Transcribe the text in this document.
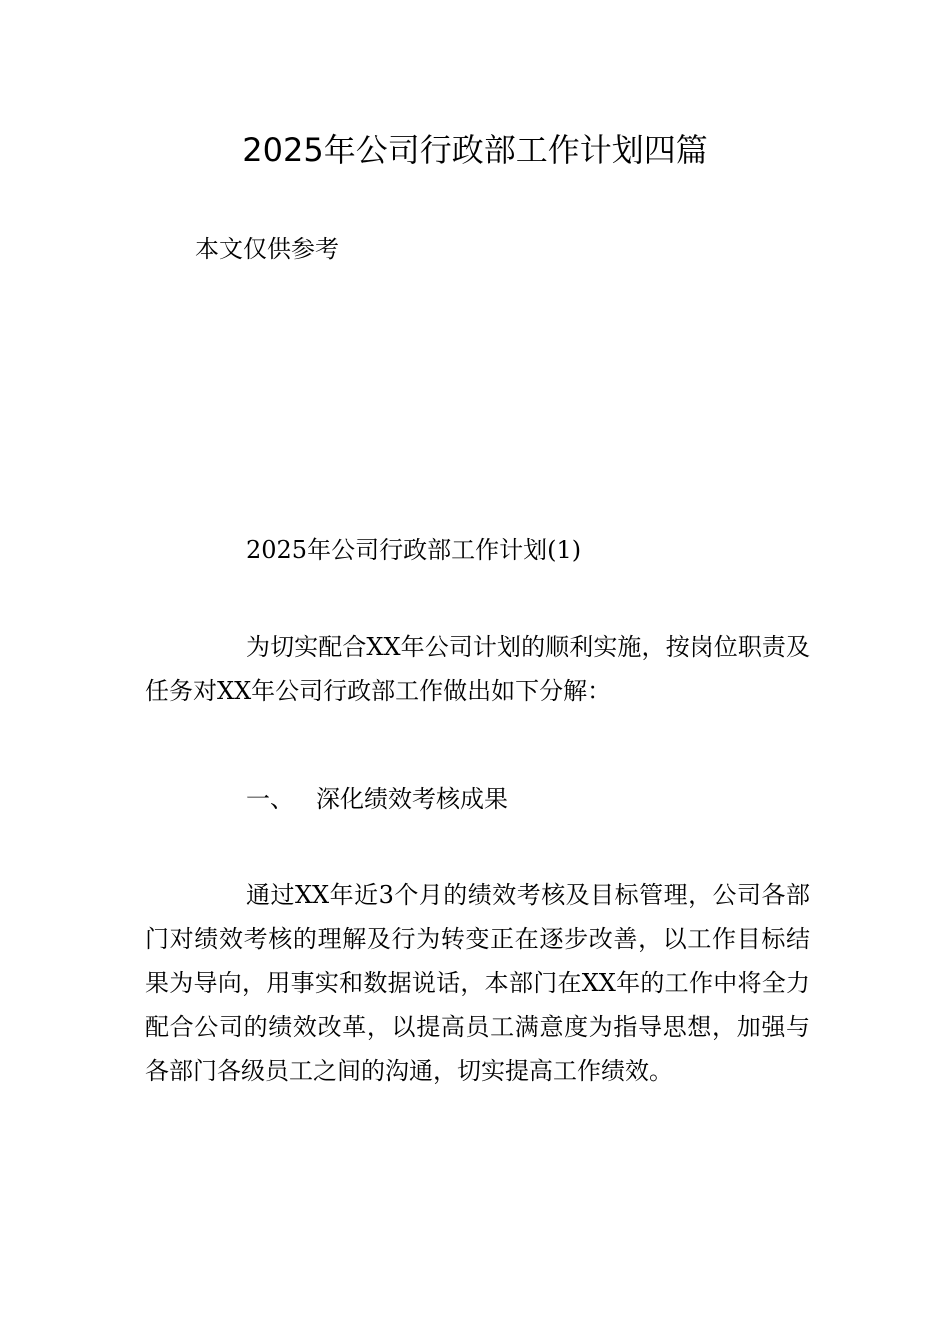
2025年公司行政部工作计划四篇
本文仅供参考
2025年公司行政部工作计划(1)
为切实配合XX年公司计划的顺利实施，按岗位职责及任务对XX年公司行政部工作做出如下分解：
一、 深化绩效考核成果
通过XX年近3个月的绩效考核及目标管理，公司各部门对绩效考核的理解及行为转变正在逐步改善，以工作目标结果为导向，用事实和数据说话，本部门在XX年的工作中将全力配合公司的绩效改革，以提高员工满意度为指导思想，加强与各部门各级员工之间的沟通，切实提高工作绩效。
